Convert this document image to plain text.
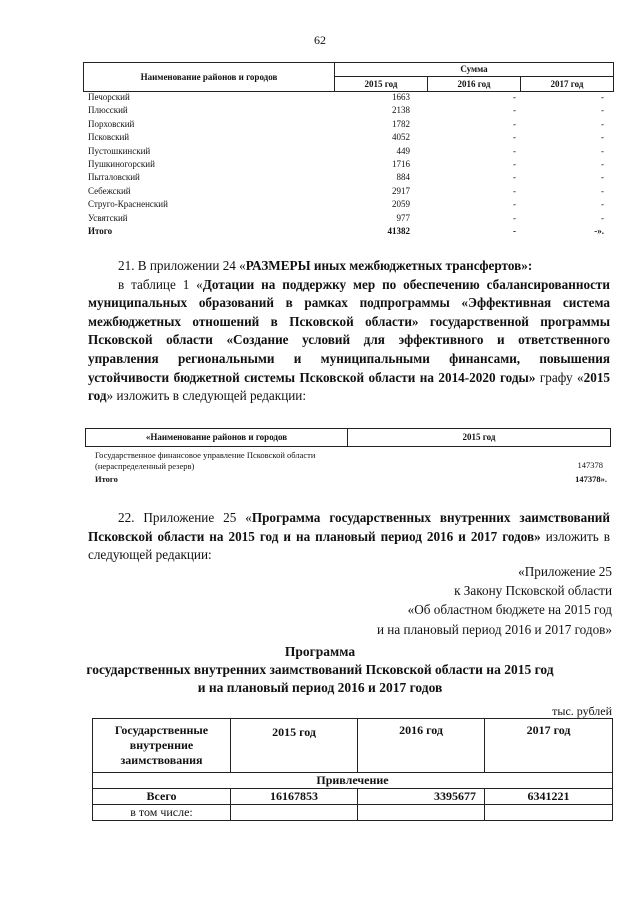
62
Наименование районов и городов
Сумма
2015 год	2016 год	2017 год
Печорский	1663	-	-
Плюсский	2138	-	-
Порховский	1782	-	-
Псковский	4052	-	-
Пустошкинский	449	-	-
Пушкиногорский	1716	-	-
Пыталовский	884	-	-
Себежский	2917	-	-
Струго-Красненский	2059	-	-
Усвятский	977	-	-
Итого	41382	-	-».
21. В приложении 24 «РАЗМЕРЫ иных межбюджетных трансфертов»:
в таблице 1 «Дотации на поддержку мер по обеспечению сбалансированности муниципальных образований в рамках подпрограммы «Эффективная система межбюджетных отношений в Псковской области» государственной программы Псковской области «Создание условий для эффективного и ответственного управления региональными и муниципальными финансами, повышения устойчивости бюджетной системы Псковской области на 2014-2020 годы» графу «2015 год» изложить в следующей редакции:
«Наименование районов и городов	2015 год
Государственное финансовое управление Псковской области (нераспределенный резерв)	147378
Итого	147378».
22. Приложение 25 «Программа государственных внутренних заимствований Псковской области на 2015 год и на плановый период 2016 и 2017 годов» изложить в следующей редакции:
«Приложение 25
к Закону Псковской области
«Об областном бюджете на 2015 год
и на плановый период 2016 и 2017 годов»
Программа
государственных внутренних заимствований Псковской области на 2015 год
и на плановый период 2016 и 2017 годов
тыс. рублей
Государственные внутренние заимствования
2015 год	2016 год	2017 год
Привлечение
Всего	16167853	3395677	6341221
в том числе:
